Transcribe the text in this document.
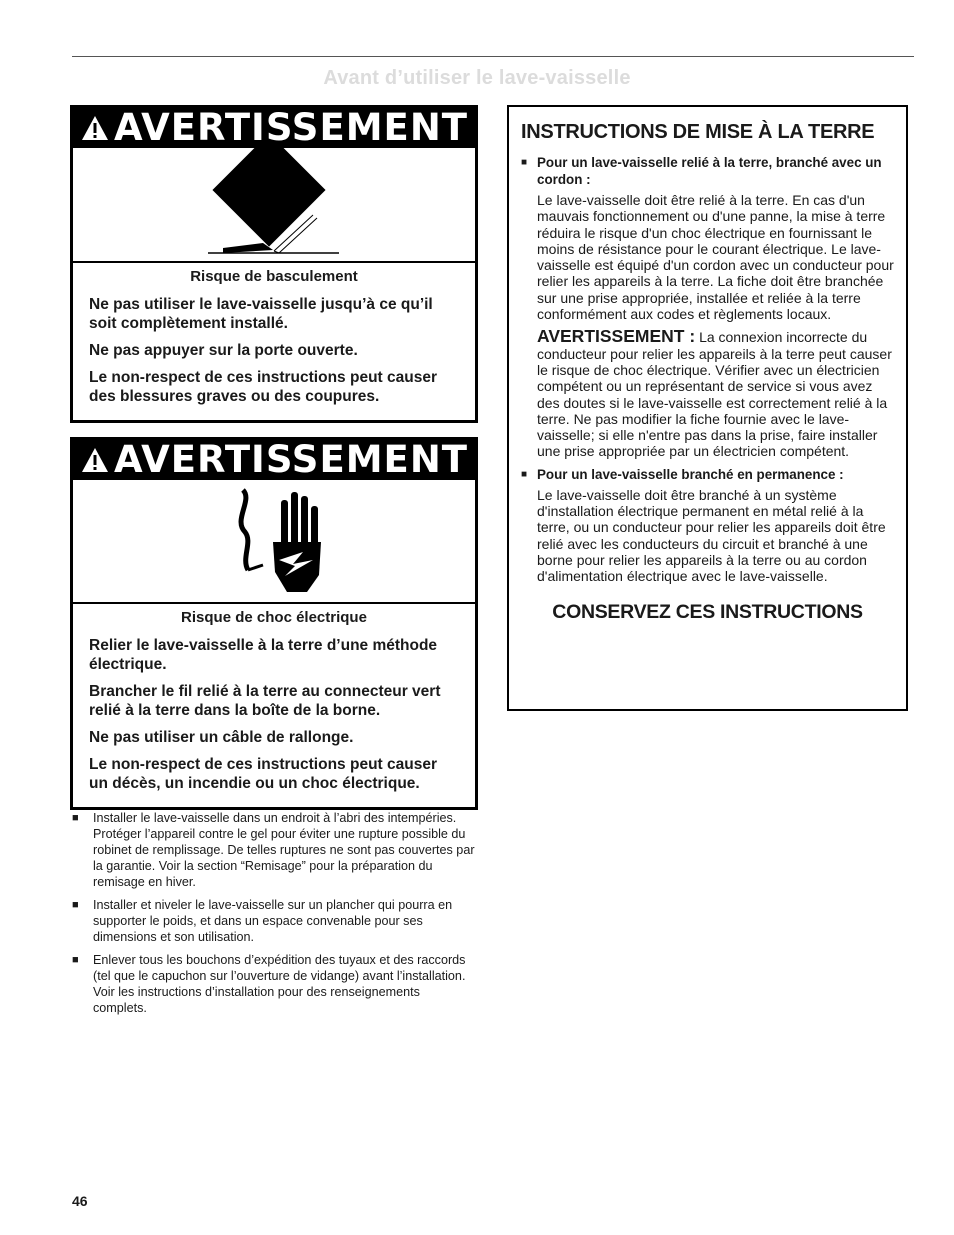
Avant d’utiliser le lave-vaisselle
AVERTISSEMENT

Risque de basculement

Ne pas utiliser le lave-vaisselle jusqu’à ce qu’il soit complètement installé.

Ne pas appuyer sur la porte ouverte.

Le non-respect de ces instructions peut causer des blessures graves ou des coupures.

AVERTISSEMENT

Risque de choc électrique

Relier le lave-vaisselle à la terre d’une méthode électrique.

Brancher le fil relié à la terre au connecteur vert relié à la terre dans la boîte de la borne.

Ne pas utiliser un câble de rallonge.

Le non-respect de ces instructions peut causer un décès, un incendie ou un choc électrique.

■	Installer le lave-vaisselle dans un endroit à l’abri des intempéries. Protéger l’appareil contre le gel pour éviter une rupture possible du robinet de remplissage. De telles ruptures ne sont pas couvertes par la garantie. Voir la section “Remisage” pour la préparation du remisage en hiver.
■	Installer et niveler le lave-vaisselle sur un plancher qui pourra en supporter le poids, et dans un espace convenable pour ses dimensions et son utilisation.
■	Enlever tous les bouchons d’expédition des tuyaux et des raccords (tel que le capuchon sur l’ouverture de vidange) avant l’installation. Voir les instructions d’installation pour des renseignements complets.
INSTRUCTIONS DE MISE À LA TERRE
■ Pour un lave-vaisselle relié à la terre, branché avec un cordon :

Le lave-vaisselle doit être relié à la terre. En cas d'un mauvais fonctionnement ou d'une panne, la mise à terre réduira le risque d'un choc électrique en fournissant le moins de résistance pour le courant électrique. Le lave-vaisselle est équipé d'un cordon avec un conducteur pour relier les appareils à la terre. La fiche doit être branchée sur une prise appropriée, installée et reliée à la terre conformément aux codes et règlements locaux.

AVERTISSEMENT : La connexion incorrecte du conducteur pour relier les appareils à la terre peut causer le risque de choc électrique. Vérifier avec un électricien compétent ou un représentant de service si vous avez des doutes si le lave-vaisselle est correctement relié à la terre. Ne pas modifier la fiche fournie avec le lave-vaisselle; si elle n'entre pas dans la prise, faire installer une prise appropriée par un électricien compétent.

■ Pour un lave-vaisselle branché en permanence :

Le lave-vaisselle doit être branché à un système d'installation électrique permanent en métal relié à la terre, ou un conducteur pour relier les appareils doit être relié avec les conducteurs du circuit et branché à une borne pour relier les appareils à la terre ou au cordon d'alimentation électrique avec le lave-vaisselle.

CONSERVEZ CES INSTRUCTIONS
46
